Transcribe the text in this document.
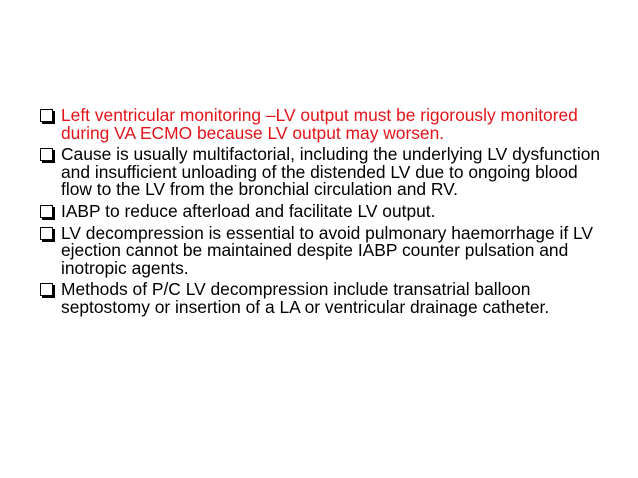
Left ventricular monitoring –LV output must be rigorously monitored during VA ECMO because LV output may worsen.
Cause is usually multifactorial, including the underlying LV dysfunction and insufficient unloading of the distended LV due to ongoing blood flow to the LV from the bronchial circulation and RV.
IABP to reduce afterload and facilitate LV output.
LV decompression is essential to avoid pulmonary haemorrhage if LV ejection cannot be maintained despite IABP counter pulsation and inotropic agents.
Methods of P/C LV decompression include transatrial balloon septostomy or insertion of a LA or ventricular drainage catheter.
